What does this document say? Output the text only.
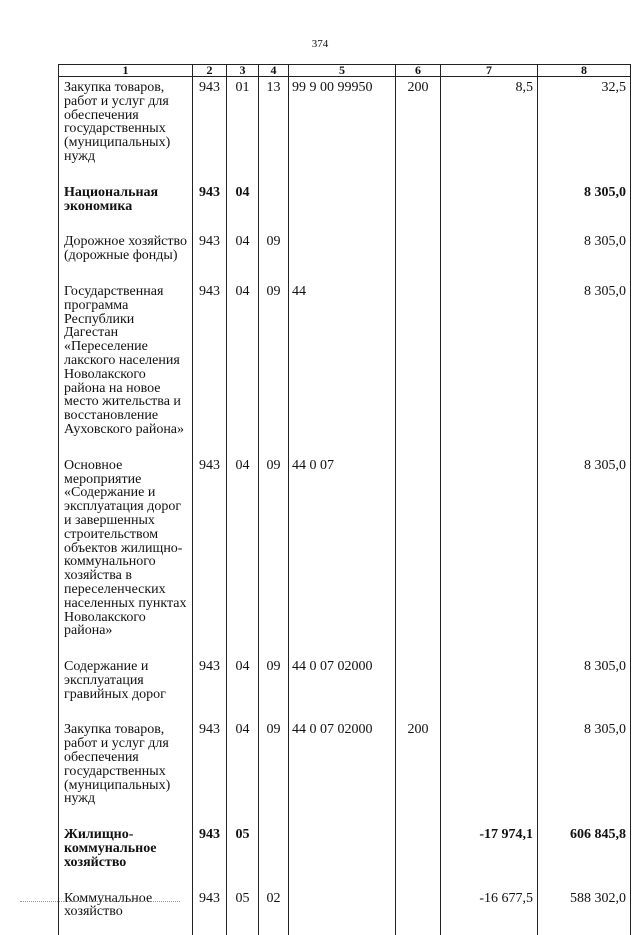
374
1	2	3	4	5	6	7	8
Закупка товаров, работ и услуг для обеспечения государственных (муниципальных) нужд	943	01	13	99 9 00 99950	200	8,5	32,5
Национальная экономика	943	04					8 305,0
Дорожное хозяйство (дорожные фонды)	943	04	09				8 305,0
Государственная программа Республики Дагестан «Переселение лакского населения Новолакского района на новое место жительства и восстановление Ауховского района»	943	04	09	44			8 305,0
Основное мероприятие «Содержание и эксплуатация дорог и завершенных строительством объектов жилищно-коммунального хозяйства в переселенческих населенных пунктах Новолакского района»	943	04	09	44 0 07			8 305,0
Содержание и эксплуатация гравийных дорог	943	04	09	44 0 07 02000			8 305,0
Закупка товаров, работ и услуг для обеспечения государственных (муниципальных) нужд	943	04	09	44 0 07 02000	200		8 305,0
Жилищно-коммунальное хозяйство	943	05				-17 974,1	606 845,8
Коммунальное хозяйство	943	05	02			-16 677,5	588 302,0
